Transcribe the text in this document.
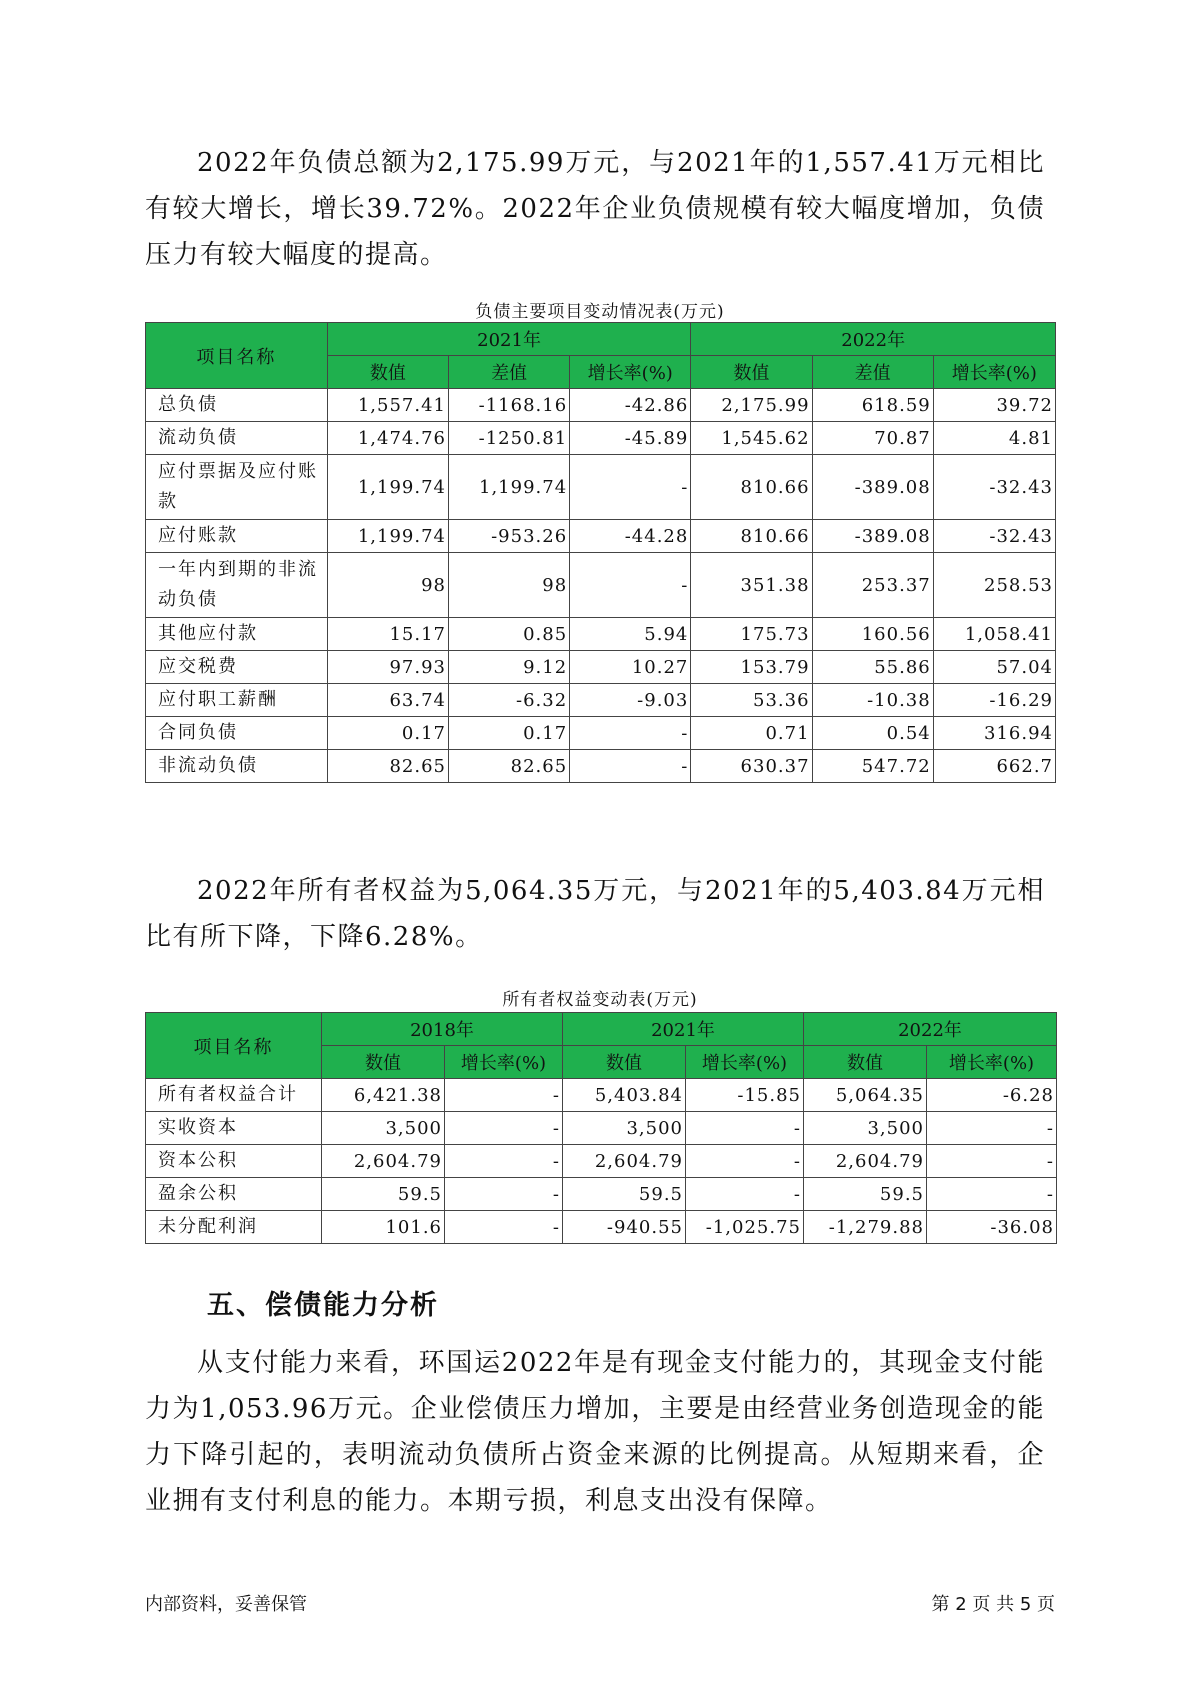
2022年负债总额为2,175.99万元，与2021年的1,557.41万元相比有较大增长，增长39.72%。2022年企业负债规模有较大幅度增加，负债压力有较大幅度的提高。

负债主要项目变动情况表(万元)

项目名称	2021年			2022年		
	数值	差值	增长率(%)	数值	差值	增长率(%)
总负债	1,557.41	-1168.16	-42.86	2,175.99	618.59	39.72
流动负债	1,474.76	-1250.81	-45.89	1,545.62	70.87	4.81
应付票据及应付账款	1,199.74	1,199.74	-	810.66	-389.08	-32.43
应付账款	1,199.74	-953.26	-44.28	810.66	-389.08	-32.43
一年内到期的非流动负债	98	98	-	351.38	253.37	258.53
其他应付款	15.17	0.85	5.94	175.73	160.56	1,058.41
应交税费	97.93	9.12	10.27	153.79	55.86	57.04
应付职工薪酬	63.74	-6.32	-9.03	53.36	-10.38	-16.29
合同负债	0.17	0.17	-	0.71	0.54	316.94
非流动负债	82.65	82.65	-	630.37	547.72	662.7

2022年所有者权益为5,064.35万元，与2021年的5,403.84万元相比有所下降，下降6.28%。

所有者权益变动表(万元)

项目名称	2018年		2021年		2022年	
	数值	增长率(%)	数值	增长率(%)	数值	增长率(%)
所有者权益合计	6,421.38	-	5,403.84	-15.85	5,064.35	-6.28
实收资本	3,500	-	3,500	-	3,500	-
资本公积	2,604.79	-	2,604.79	-	2,604.79	-
盈余公积	59.5	-	59.5	-	59.5	-
未分配利润	101.6	-	-940.55	-1,025.75	-1,279.88	-36.08
五、偿债能力分析

从支付能力来看，环国运2022年是有现金支付能力的，其现金支付能力为1,053.96万元。企业偿债压力增加，主要是由经营业务创造现金的能力下降引起的，表明流动负债所占资金来源的比例提高。从短期来看，企业拥有支付利息的能力。本期亏损，利息支出没有保障。

内部资料，妥善保管	第 2 页 共 5 页
